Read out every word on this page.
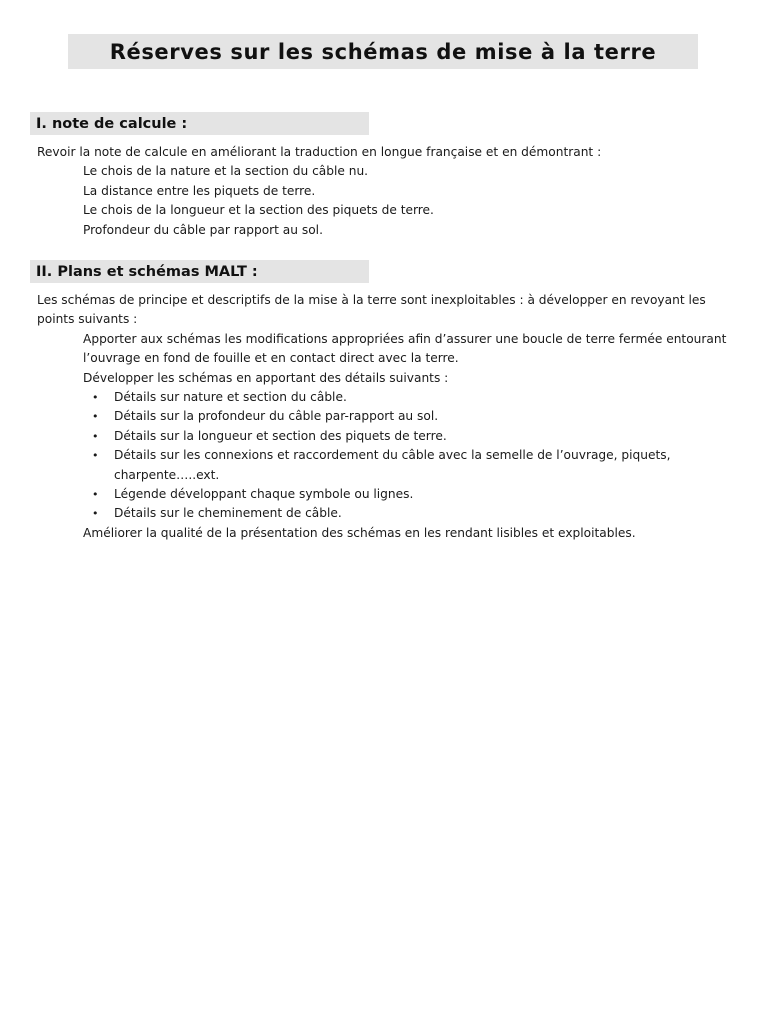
Réserves sur les schémas de mise à la terre
I. note de calcule :

Revoir la note de calcule en améliorant la traduction en longue française et en démontrant :

Le chois de la nature et la section du câble nu.

La distance entre les piquets de terre.

Le chois de la longueur et la section des piquets de terre.

Profondeur du câble par rapport au sol.

II. Plans et schémas MALT :

Les schémas de principe et descriptifs de la mise à la terre sont inexploitables : à développer en revoyant les points suivants :

Apporter aux schémas les modifications appropriées afin d’assurer une boucle de terre fermée entourant l’ouvrage en fond de fouille et en contact direct avec la terre.

Développer les schémas en apportant des détails suivants :

• Détails sur nature et section du câble.
• Détails sur la profondeur du câble par-rapport au sol.
• Détails sur la longueur et section des piquets de terre.
• Détails sur les connexions et raccordement du câble avec la semelle de l’ouvrage, piquets, charpente…..ext.
• Légende développant chaque symbole ou lignes.
• Détails sur le cheminement de câble.

Améliorer la qualité de la présentation des schémas en les rendant lisibles et exploitables.
